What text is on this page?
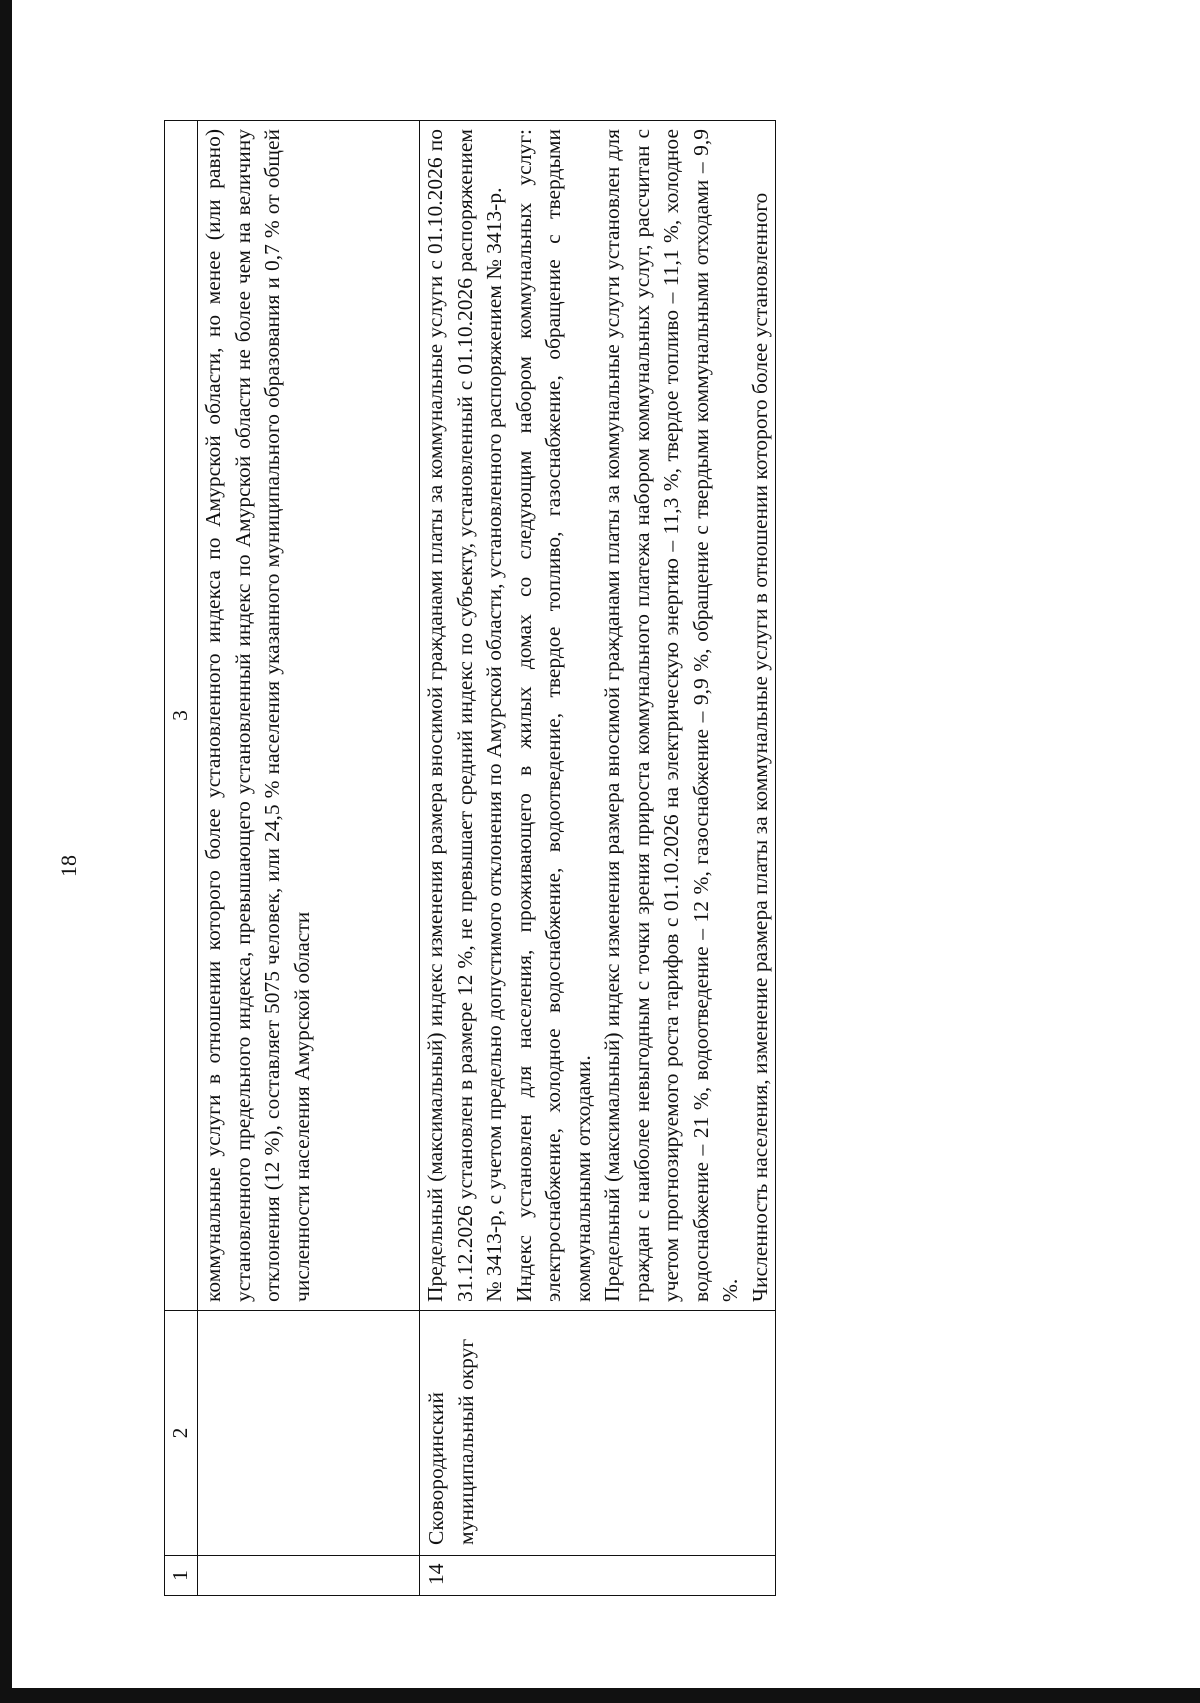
18
1	2	3

		коммунальные услуги в отношении которого более установленного индекса по Амурской области, но менее (или равно) установленного предельного индекса, превышающего установленный индекс по Амурской области не более чем на величину отклонения (12 %), составляет 5075 человек, или 24,5 % населения указанного муниципального образования и 0,7 % от общей численности населения Амурской области

14	Сковородинский муниципальный округ	Предельный (максимальный) индекс изменения размера вносимой гражданами платы за коммунальные услуги с 01.10.2026 по 31.12.2026 установлен в размере 12 %, не превышает средний индекс по субъекту, установленный с 01.10.2026 распоряжением № 3413-р, с учетом предельно допустимого отклонения по Амурской области, установленного распоряжением № 3413-р. Индекс установлен для населения, проживающего в жилых домах со следующим набором коммунальных услуг: электроснабжение, холодное водоснабжение, водоотведение, твердое топливо, газоснабжение, обращение с твердыми коммунальными отходами. Предельный (максимальный) индекс изменения размера вносимой гражданами платы за коммунальные услуги установлен для граждан с наиболее невыгодным с точки зрения прироста коммунального платежа набором коммунальных услуг, рассчитан с учетом прогнозируемого роста тарифов с 01.10.2026 на электрическую энергию – 11,3 %, твердое топливо – 11,1 %, холодное водоснабжение – 21 %, водоотведение – 12 %, газоснабжение – 9,9 %, обращение с твердыми коммунальными отходами – 9,9 %. Численность населения, изменение размера платы за коммунальные услуги в отношении которого более установленного
